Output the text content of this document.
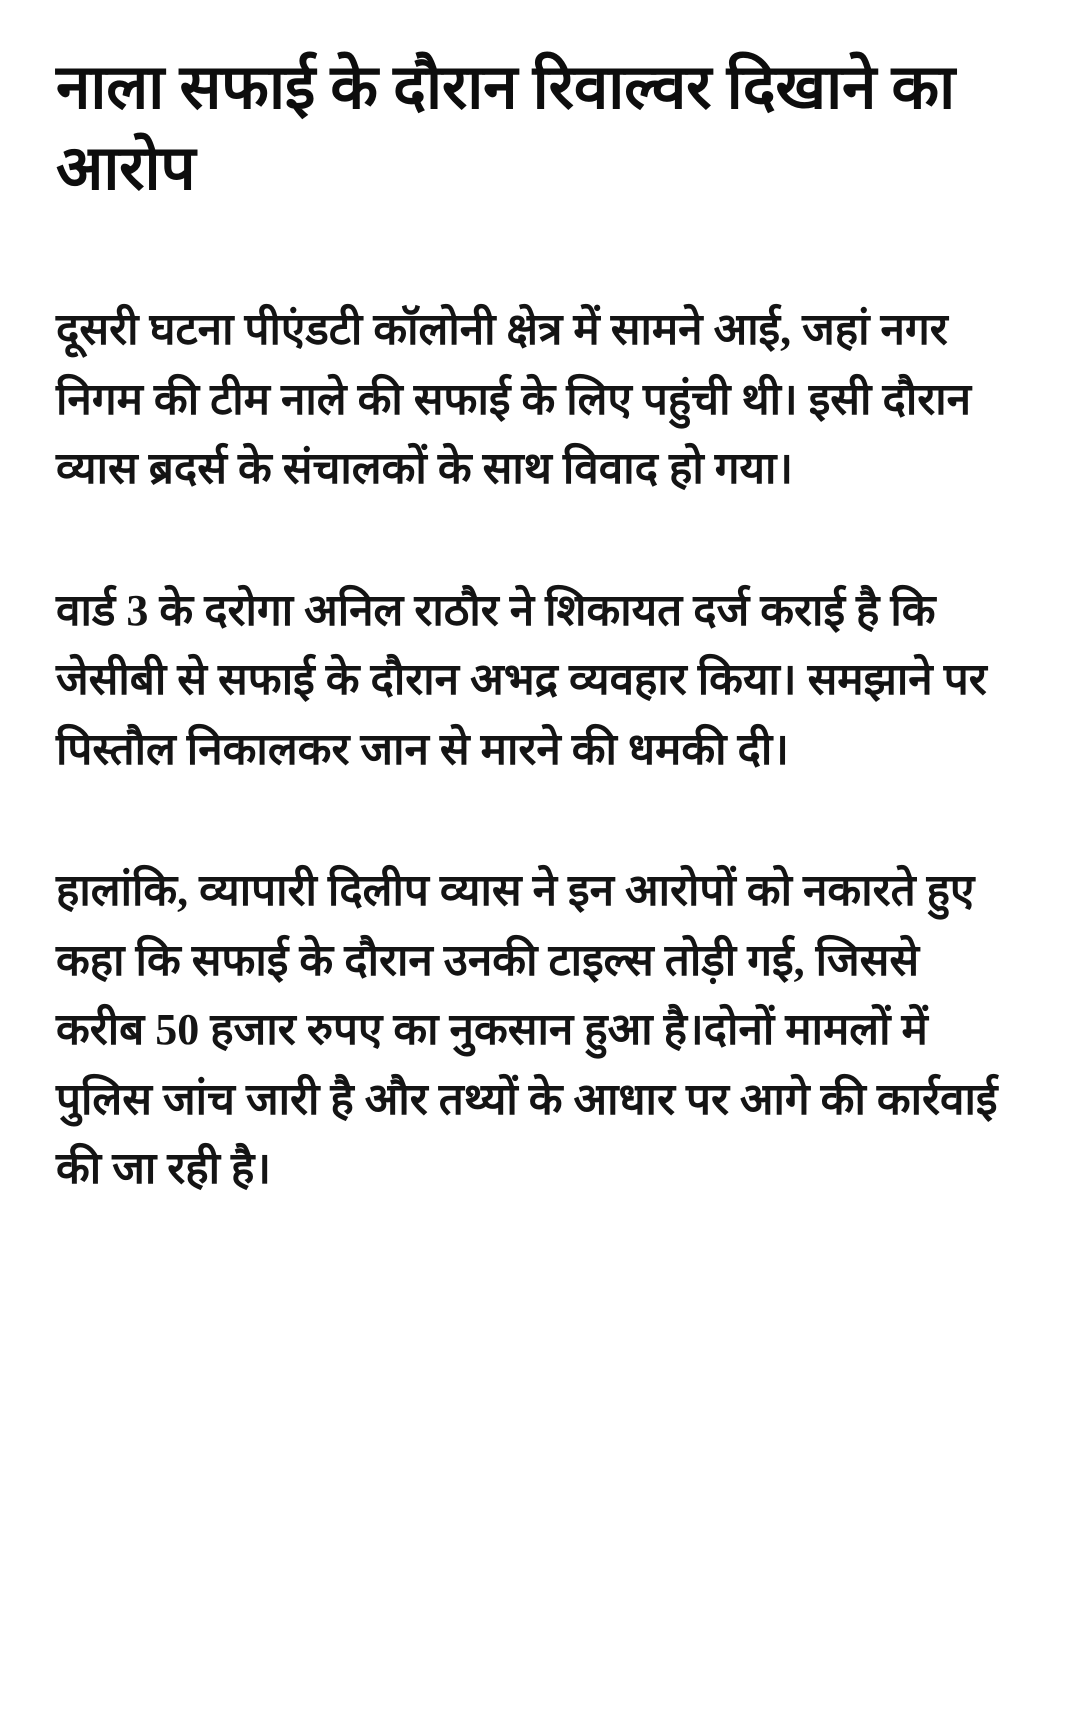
नाला सफाई के दौरान रिवाल्वर दिखाने का आरोप

दूसरी घटना पीएंडटी कॉलोनी क्षेत्र में सामने आई, जहां नगर निगम की टीम नाले की सफाई के लिए पहुंची थी। इसी दौरान व्यास ब्रदर्स के संचालकों के साथ विवाद हो गया।

वार्ड 3 के दरोगा अनिल राठौर ने शिकायत दर्ज कराई है कि जेसीबी से सफाई के दौरान अभद्र व्यवहार किया। समझाने पर पिस्तौल निकालकर जान से मारने की धमकी दी।

हालांकि, व्यापारी दिलीप व्यास ने इन आरोपों को नकारते हुए कहा कि सफाई के दौरान उनकी टाइल्स तोड़ी गई, जिससे करीब 50 हजार रुपए का नुकसान हुआ है।दोनों मामलों में पुलिस जांच जारी है और तथ्यों के आधार पर आगे की कार्रवाई की जा रही है।
